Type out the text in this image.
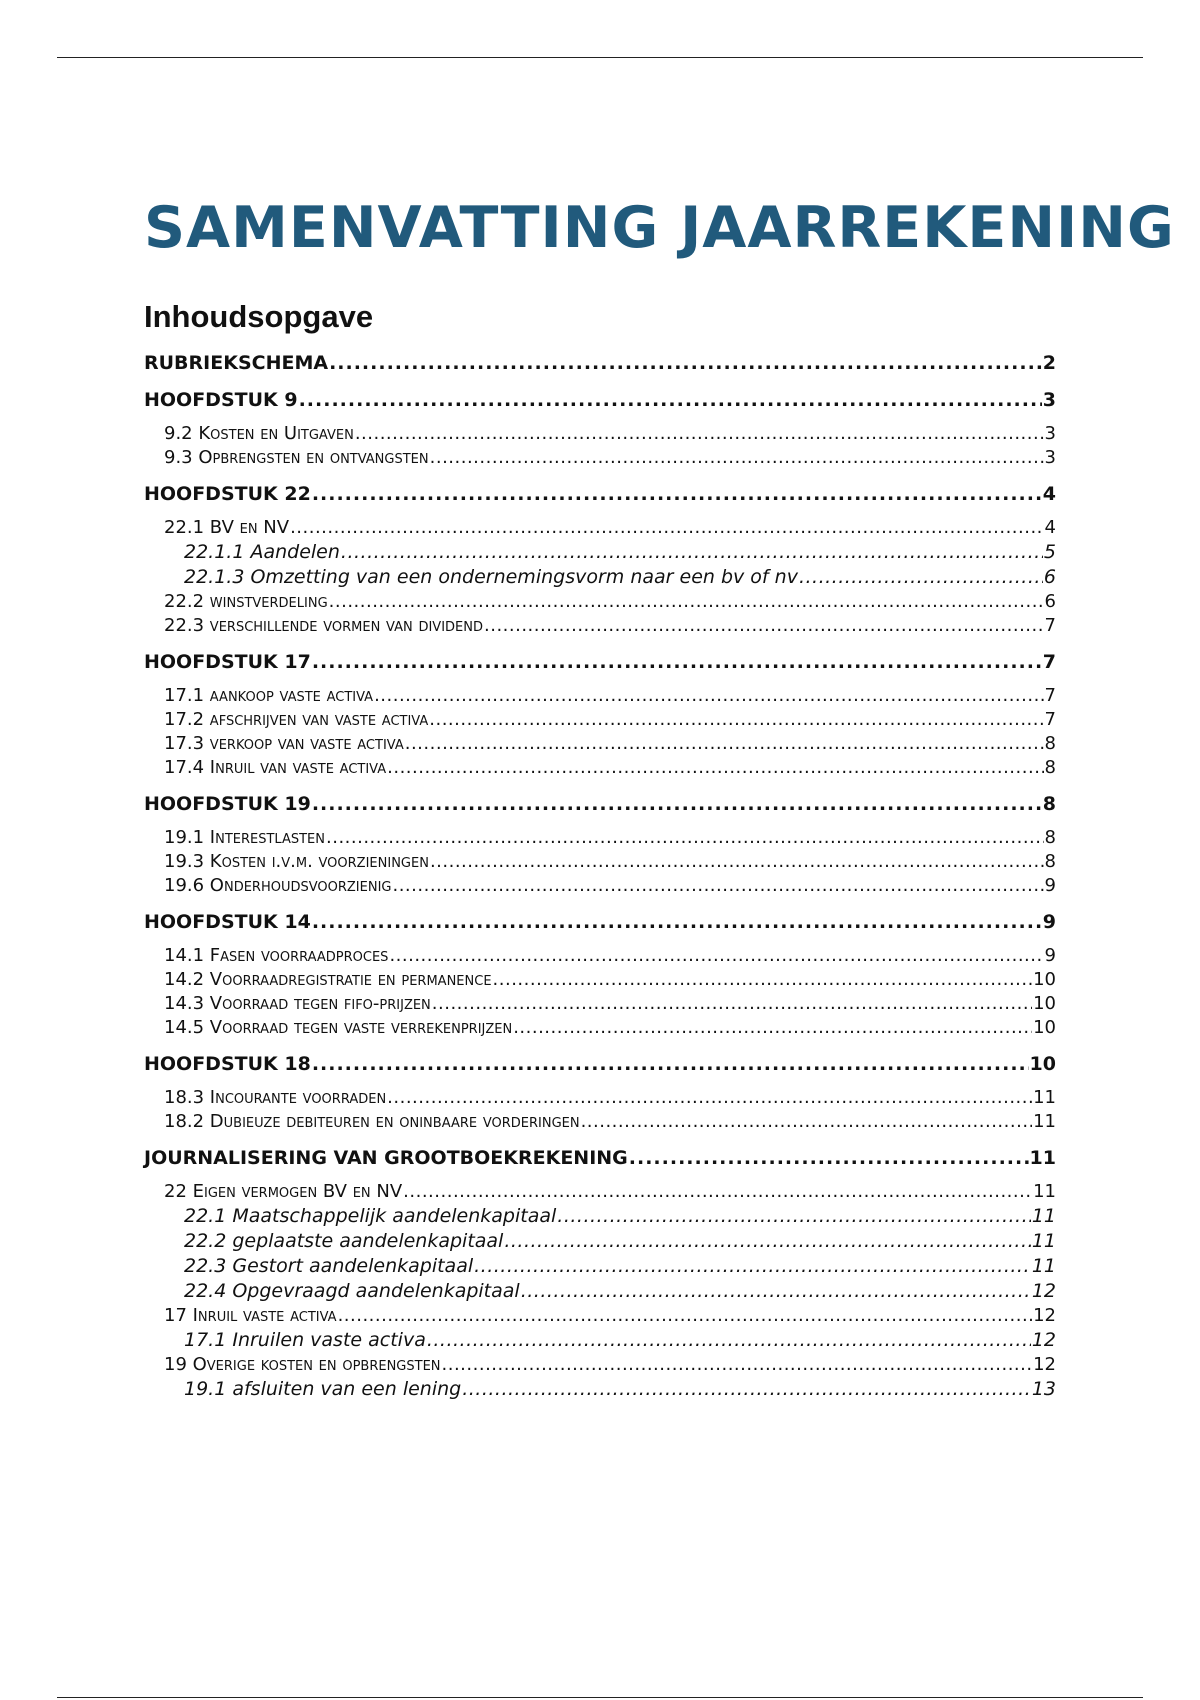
SAMENVATTING JAARREKENING
Inhoudsopgave
RUBRIEKSCHEMA .....	2
HOOFDSTUK 9 .....	3
9.2 Kosten en Uitgaven .....	3
9.3 Opbrengsten en ontvangsten .....	3
HOOFDSTUK 22 .....	4
22.1 BV en NV .....	4
22.1.1 Aandelen .....	5
22.1.3 Omzetting van een ondernemingsvorm naar een bv of nv .....	6
22.2 winstverdeling .....	6
22.3 verschillende vormen van dividend .....	7
HOOFDSTUK 17 .....	7
17.1 aankoop vaste activa .....	7
17.2 afschrijven van vaste activa .....	7
17.3 verkoop van vaste activa .....	8
17.4 Inruil van vaste activa .....	8
HOOFDSTUK 19 .....	8
19.1 Interestlasten .....	8
19.3 Kosten i.v.m. voorzieningen .....	8
19.6 Onderhoudsvoorzienig .....	9
HOOFDSTUK 14 .....	9
14.1 Fasen voorraadproces .....	9
14.2 Voorraadregistratie en permanence .....	10
14.3 Voorraad tegen fifo-prijzen .....	10
14.5 Voorraad tegen vaste verrekenprijzen .....	10
HOOFDSTUK 18 .....	10
18.3 Incourante voorraden .....	11
18.2 Dubieuze debiteuren en oninbaare vorderingen .....	11
JOURNALISERING VAN GROOTBOEKREKENING .....	11
22 Eigen vermogen BV en NV .....	11
22.1 Maatschappelijk aandelenkapitaal .....	11
22.2 geplaatste aandelenkapitaal .....	11
22.3 Gestort aandelenkapitaal .....	11
22.4 Opgevraagd aandelenkapitaal .....	12
17 Inruil vaste activa .....	12
17.1 Inruilen vaste activa .....	12
19 Overige kosten en opbrengsten .....	12
19.1 afsluiten van een lening .....	13
